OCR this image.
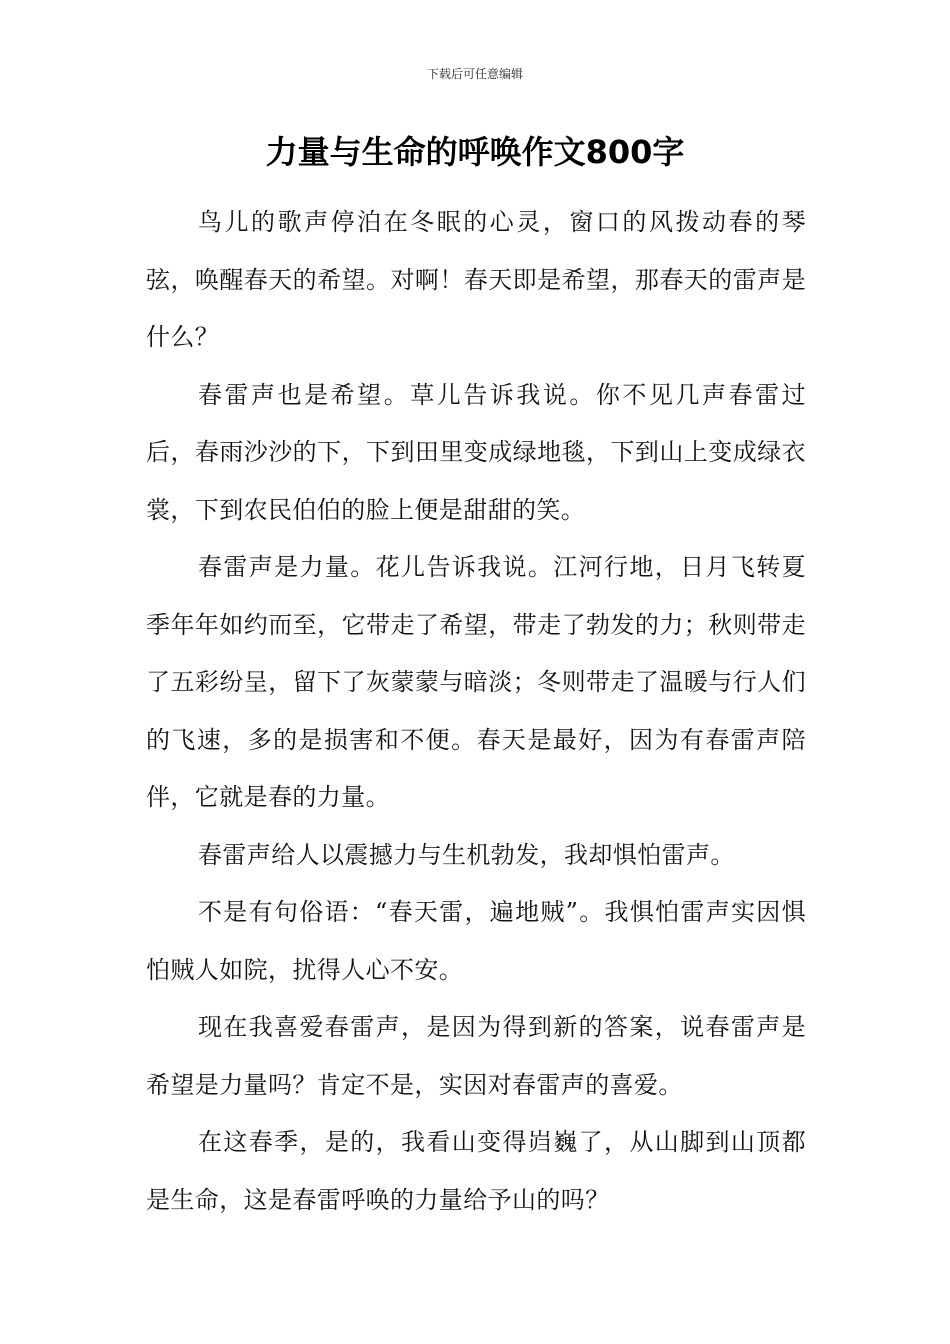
下载后可任意编辑
力量与生命的呼唤作文800字

鸟儿的歌声停泊在冬眠的心灵，窗口的风拨动春的琴弦，唤醒春天的希望。对啊！春天即是希望，那春天的雷声是什么？

春雷声也是希望。草儿告诉我说。你不见几声春雷过后，春雨沙沙的下，下到田里变成绿地毯，下到山上变成绿衣裳，下到农民伯伯的脸上便是甜甜的笑。

春雷声是力量。花儿告诉我说。江河行地，日月飞转夏季年年如约而至，它带走了希望，带走了勃发的力；秋则带走了五彩纷呈，留下了灰蒙蒙与暗淡；冬则带走了温暖与行人们的飞速，多的是损害和不便。春天是最好，因为有春雷声陪伴，它就是春的力量。

春雷声给人以震撼力与生机勃发，我却惧怕雷声。

不是有句俗语：“春天雷，遍地贼”。我惧怕雷声实因惧怕贼人如院，扰得人心不安。

现在我喜爱春雷声，是因为得到新的答案，说春雷声是希望是力量吗？肯定不是，实因对春雷声的喜爱。

在这春季，是的，我看山变得岿巍了，从山脚到山顶都是生命，这是春雷呼唤的力量给予山的吗？
